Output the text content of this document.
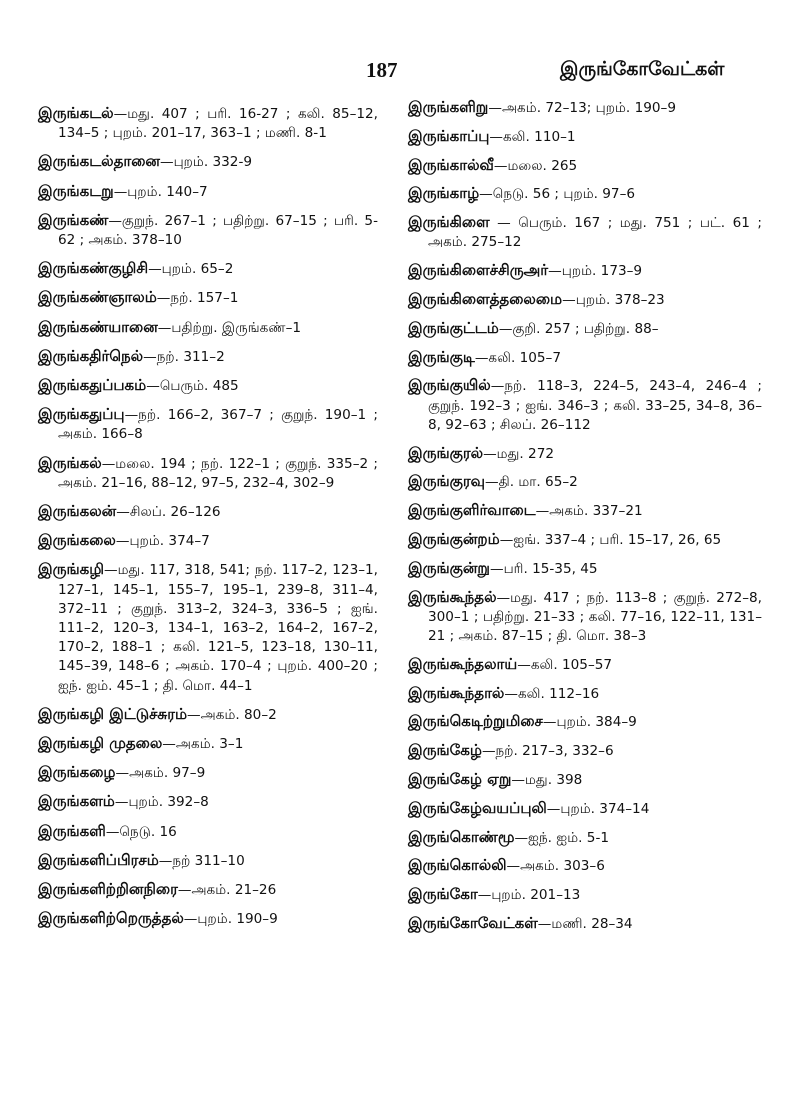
187	இருங்கோவேட்கள்
இருங்கடல்—மது. 407 ; பரி. 16-27 ; கலி. 85–12, 134–5 ; புறம். 201–17, 363–1 ; மணி. 8-1
இருங்கடல்தானை—புறம். 332-9
இருங்கடறு—புறம். 140–7
இருங்கண்—குறுந். 267–1 ; பதிற்று. 67–15 ; பரி. 5-62 ; அகம். 378–10
இருங்கண்குழிசி—புறம். 65–2
இருங்கண்ஞாலம்—நற். 157–1
இருங்கண்யானை—பதிற்று. இருங்கண்–1
இருங்கதிர்நெல்—நற். 311–2
இருங்கதுப்பகம்—பெரும். 485
இருங்கதுப்பு—நற். 166–2, 367–7 ; குறுந். 190–1 ; அகம். 166–8
இருங்கல்—மலை. 194 ; நற். 122–1 ; குறுந். 335–2 ; அகம். 21–16, 88–12, 97–5, 232–4, 302–9
இருங்கலன்—சிலப். 26–126
இருங்கலை—புறம். 374–7
இருங்கழி—மது. 117, 318, 541; நற். 117–2, 123–1, 127–1, 145–1, 155–7, 195–1, 239–8, 311–4, 372–11 ; குறுந். 313–2, 324–3, 336–5 ; ஐங். 111–2, 120–3, 134–1, 163–2, 164–2, 167–2, 170–2, 188–1 ; கலி. 121–5, 123–18, 130–11, 145–39, 148–6 ; அகம். 170–4 ; புறம். 400–20 ; ஐந். ஐம். 45–1 ; தி. மொ. 44–1
இருங்கழி இட்டுச்சுரம்—அகம். 80–2
இருங்கழி முதலை—அகம். 3–1
இருங்கழை—அகம். 97–9
இருங்களம்—புறம். 392–8
இருங்களி—நெடு. 16
இருங்களிப்பிரசம்—நற் 311–10
இருங்களிற்றினநிரை—அகம். 21–26
இருங்களிற்றெருத்தல்—புறம். 190–9
இருங்களிறு—அகம். 72–13; புறம். 190–9
இருங்காப்பு—கலி. 110–1
இருங்கால்வீ—மலை. 265
இருங்காழ்—நெடு. 56 ; புறம். 97–6
இருங்கிளை — பெரும். 167 ; மது. 751 ; பட். 61 ; அகம். 275–12
இருங்கிளைச்சிருஅர்—புறம். 173–9
இருங்கிளைத்தலைமை—புறம். 378–23
இருங்குட்டம்—குறி. 257 ; பதிற்று. 88–
இருங்குடி—கலி. 105–7
இருங்குயில்—நற். 118–3, 224–5, 243–4, 246–4 ; குறுந். 192–3 ; ஐங். 346–3 ; கலி. 33–25, 34–8, 36–8, 92–63 ; சிலப். 26–112
இருங்குரல்—மது. 272
இருங்குரவு—தி. மா. 65–2
இருங்குளிர்வாடை—அகம். 337–21
இருங்குன்றம்—ஐங். 337–4 ; பரி. 15–17, 26, 65
இருங்குன்று—பரி. 15-35, 45
இருங்கூந்தல்—மது. 417 ; நற். 113–8 ; குறுந். 272–8, 300–1 ; பதிற்று. 21–33 ; கலி. 77–16, 122–11, 131–21 ; அகம். 87–15 ; தி. மொ. 38–3
இருங்கூந்தலாய்—கலி. 105–57
இருங்கூந்தால்—கலி. 112–16
இருங்கெடிற்றுமிசை—புறம். 384–9
இருங்கேழ்—நற். 217–3, 332–6
இருங்கேழ் ஏறு—மது. 398
இருங்கேழ்வயப்புலி—புறம். 374–14
இருங்கொண்மூ—ஐந். ஐம். 5-1
இருங்கொல்லி—அகம். 303–6
இருங்கோ—புறம். 201–13
இருங்கோவேட்கள்—மணி. 28–34
